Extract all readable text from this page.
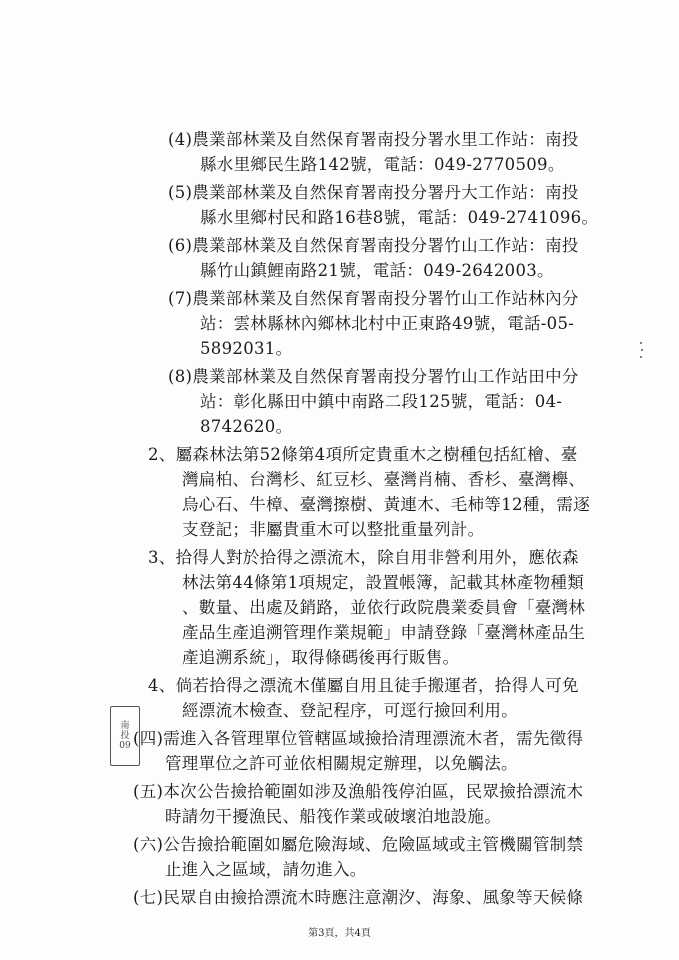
(4)農業部林業及自然保育署南投分署水里工作站：南投
縣水里鄉民生路142號，電話：049-2770509。
(5)農業部林業及自然保育署南投分署丹大工作站：南投
縣水里鄉村民和路16巷8號，電話：049-2741096。
(6)農業部林業及自然保育署南投分署竹山工作站：南投
縣竹山鎮鯉南路21號，電話：049-2642003。
(7)農業部林業及自然保育署南投分署竹山工作站林內分
站：雲林縣林內鄉林北村中正東路49號，電話-05-
5892031。
(8)農業部林業及自然保育署南投分署竹山工作站田中分
站：彰化縣田中鎮中南路二段125號，電話：04-
8742620。
2、屬森林法第52條第4項所定貴重木之樹種包括紅檜、臺
灣扁柏、台灣杉、紅豆杉、臺灣肖楠、香杉、臺灣櫸、
烏心石、牛樟、臺灣擦樹、黃連木、毛柿等12種，需逐
支登記；非屬貴重木可以整批重量列計。
3、拾得人對於拾得之漂流木，除自用非營利用外，應依森
林法第44條第1項規定，設置帳簿，記載其林產物種類
、數量、出處及銷路，並依行政院農業委員會「臺灣林
產品生產追溯管理作業規範」申請登錄「臺灣林產品生
產追溯系統」，取得條碼後再行販售。
4、倘若拾得之漂流木僅屬自用且徒手搬運者，拾得人可免
經漂流木檢查、登記程序，可逕行撿回利用。
(四)需進入各管理單位管轄區域撿拾清理漂流木者，需先徵得
管理單位之許可並依相關規定辦理，以免觸法。
(五)本次公告撿拾範圍如涉及漁船筏停泊區，民眾撿拾漂流木
時請勿干擾漁民、船筏作業或破壞泊地設施。
(六)公告撿拾範圍如屬危險海域、危險區域或主管機關管制禁
止進入之區域，請勿進入。
(七)民眾自由撿拾漂流木時應注意潮汐、海象、風象等天候條
南
投
09
第3頁，共4頁
